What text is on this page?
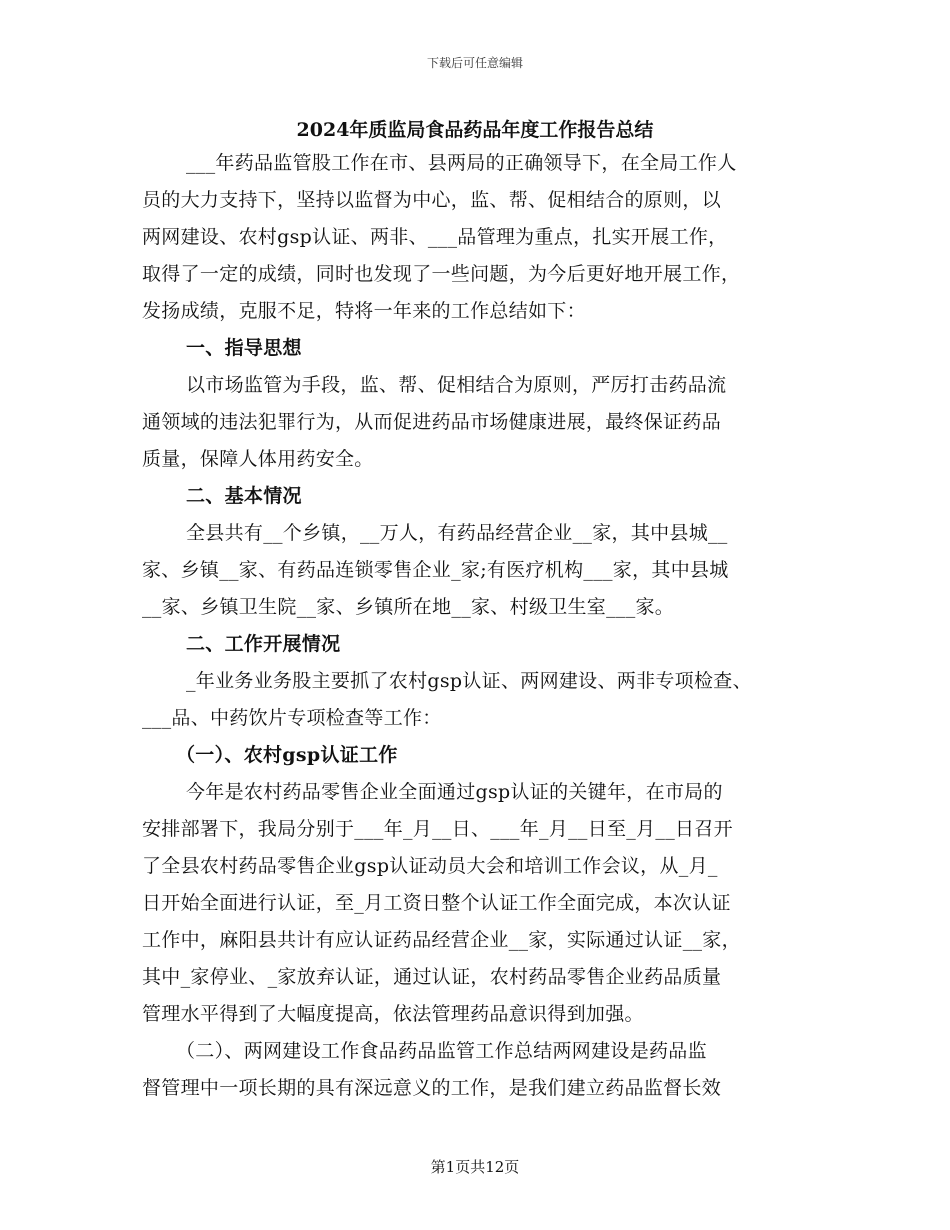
下载后可任意编辑
2024年质监局食品药品年度工作报告总结
___年药品监管股工作在市、县两局的正确领导下，在全局工作人
员的大力支持下，坚持以监督为中心，监、帮、促相结合的原则，以
两网建设、农村gsp认证、两非、___品管理为重点，扎实开展工作，
取得了一定的成绩，同时也发现了一些问题，为今后更好地开展工作，
发扬成绩，克服不足，特将一年来的工作总结如下：
一、指导思想
以市场监管为手段，监、帮、促相结合为原则，严厉打击药品流
通领域的违法犯罪行为，从而促进药品市场健康进展，最终保证药品
质量，保障人体用药安全。
二、基本情况
全县共有__个乡镇，__万人，有药品经营企业__家，其中县城__
家、乡镇__家、有药品连锁零售企业_家;有医疗机构___家，其中县城
__家、乡镇卫生院__家、乡镇所在地__家、村级卫生室___家。
二、工作开展情况
_年业务业务股主要抓了农村gsp认证、两网建设、两非专项检查、
___品、中药饮片专项检查等工作：
（一）、农村gsp认证工作
今年是农村药品零售企业全面通过gsp认证的关键年，在市局的
安排部署下，我局分别于___年_月__日、___年_月__日至_月__日召开
了全县农村药品零售企业gsp认证动员大会和培训工作会议，从_月_
日开始全面进行认证，至_月工资日整个认证工作全面完成，本次认证
工作中，麻阳县共计有应认证药品经营企业__家，实际通过认证__家，
其中_家停业、_家放弃认证，通过认证，农村药品零售企业药品质量
管理水平得到了大幅度提高，依法管理药品意识得到加强。
（二）、两网建设工作食品药品监管工作总结两网建设是药品监
督管理中一项长期的具有深远意义的工作，是我们建立药品监督长效
第1页共12页
